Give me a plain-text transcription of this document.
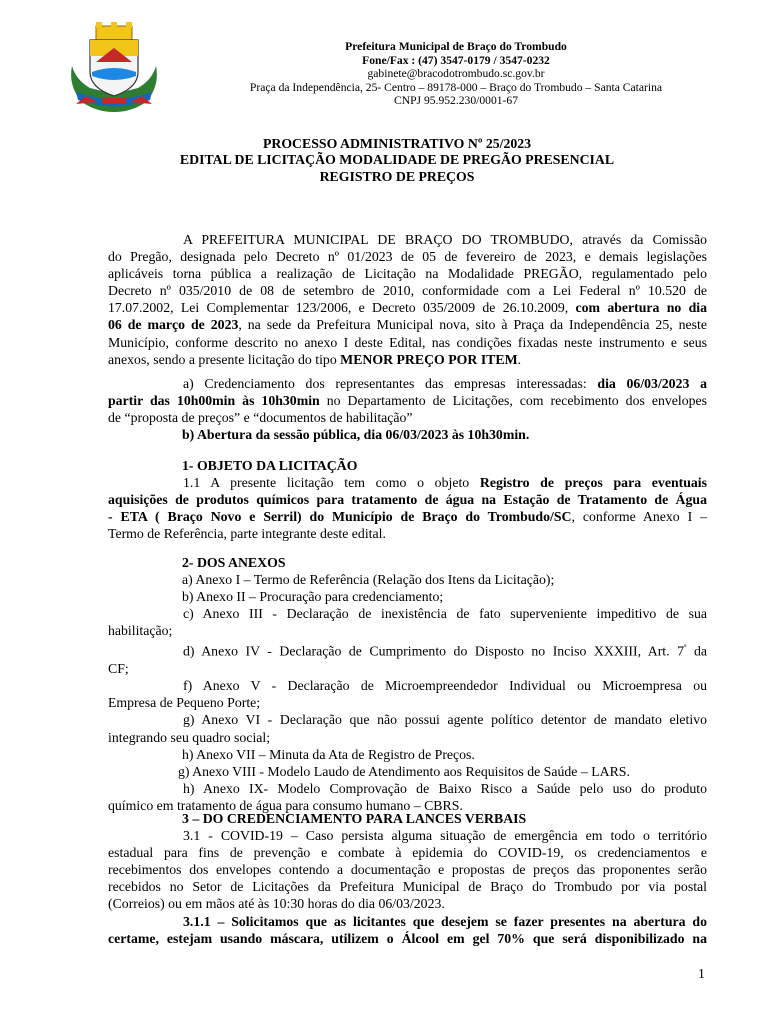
Prefeitura Municipal de Braço do Trombudo
Fone/Fax : (47) 3547-0179 / 3547-0232
gabinete@bracodotrombudo.sc.gov.br
Praça da Independência, 25- Centro – 89178-000 – Braço do Trombudo – Santa Catarina
CNPJ 95.952.230/0001-67
PROCESSO ADMINISTRATIVO Nº 25/2023
EDITAL DE LICITAÇÃO MODALIDADE DE PREGÃO PRESENCIAL
REGISTRO DE PREÇOS

A PREFEITURA MUNICIPAL DE BRAÇO DO TROMBUDO, através da Comissão

do Pregão, designada pelo Decreto nº 01/2023 de 05 de fevereiro de 2023, e demais legislações

aplicáveis torna pública a realização de Licitação na Modalidade PREGÃO, regulamentado pelo

Decreto nº 035/2010 de 08 de setembro de 2010, conformidade com a Lei Federal nº 10.520 de

17.07.2002, Lei Complementar 123/2006, e Decreto 035/2009 de 26.10.2009, com abertura no dia

06 de março de 2023, na sede da Prefeitura Municipal nova, sito à Praça da Independência 25, neste

Município, conforme descrito no anexo I deste Edital, nas condições fixadas neste instrumento e seus

anexos, sendo a presente licitação do tipo MENOR PREÇO POR ITEM.

a) Credenciamento dos representantes das empresas interessadas: dia 06/03/2023 a

partir das 10h00min às 10h30min no Departamento de Licitações, com recebimento dos envelopes

de “proposta de preços” e “documentos de habilitação”

b) Abertura da sessão pública, dia 06/03/2023 às 10h30min.

1- OBJETO DA LICITAÇÃO

1.1 A presente licitação tem como o objeto Registro de preços para eventuais

aquisições de produtos químicos para tratamento de água na Estação de Tratamento de Água

- ETA ( Braço Novo e Serril) do Município de Braço do Trombudo/SC, conforme Anexo I –

Termo de Referência, parte integrante deste edital.

2- DOS ANEXOS

a) Anexo I – Termo de Referência (Relação dos Itens da Licitação);

b) Anexo II – Procuração para credenciamento;

c) Anexo III - Declaração de inexistência de fato superveniente impeditivo de sua

habilitação;

d) Anexo IV - Declaração de Cumprimento do Disposto no Inciso XXXIII, Art. $7^º$ da

CF;

f) Anexo V - Declaração de Microempreendedor Individual ou Microempresa ou

Empresa de Pequeno Porte;

g) Anexo VI - Declaração que não possui agente político detentor de mandato eletivo

integrando seu quadro social;

h) Anexo VII – Minuta da Ata de Registro de Preços.

g) Anexo VIII - Modelo Laudo de Atendimento aos Requisitos de Saúde – LARS.

h) Anexo IX- Modelo Comprovação de Baixo Risco a Saúde pelo uso do produto

químico em tratamento de água para consumo humano – CBRS.

3 – DO CREDENCIAMENTO PARA LANCES VERBAIS

3.1 - COVID-19 – Caso persista alguma situação de emergência em todo o território

estadual para fins de prevenção e combate à epidemia do COVID-19, os credenciamentos e

recebimentos dos envelopes contendo a documentação e propostas de preços das proponentes serão

recebidos no Setor de Licitações da Prefeitura Municipal de Braço do Trombudo por via postal

(Correios) ou em mãos até às 10:30 horas do dia 06/03/2023.

3.1.1 – Solicitamos que as licitantes que desejem se fazer presentes na abertura do

certame, estejam usando máscara, utilizem o Álcool em gel 70% que será disponibilizado na

1
